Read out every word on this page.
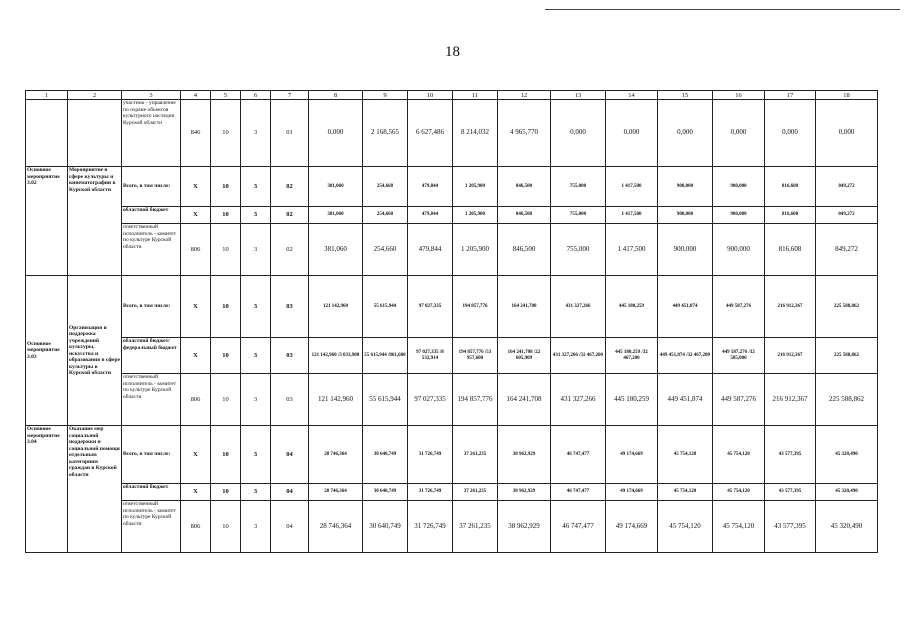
18
1	2	3	4	5	6	7	8	9	10	11	12	13	14	15	16	17	18
		участник - управление по охране объектов культурного наследия Курской области	846	10	3	01	0,000	2 168,565	6 627,486	8 214,032	4 965,770	0,000	0,000	0,000	0,000	0,000	0,000
Основное мероприятие 3.02	Мероприятие в сфере культуры и кинематографии в Курской области	Всего, в том числе:	X	10	3	02	381,060	254,660	479,844	1 205,900	846,500	755,000	1 417,500	900,000	900,000	816,608	849,272
		областной бюджет	X	10	3	02	381,060	254,660	479,844	1 205,900	846,500	755,000	1 417,500	900,000	900,000	816,608	849,272
		ответственный исполнитель - комитет по культуре Курской области	806	10	3	02	381,060	254,660	479,844	1 205,900	846,500	755,000	1 417,500	900,000	900,000	816,608	849,272
Основное мероприятие 3.03	Организация и поддержка учреждений культуры, искусства и образования в сфере культуры в Курской области	Всего, в том числе:	X	10	3	03	121 142,960	55 615,944	97 027,335	194 857,776	164 241,708	431 327,266	445 180,259	449 451,874	449 587,276	216 912,367	225 588,862
		областной бюджет/ федеральный бюджет	X	10	3	03	121 142,960 /3 033,900	55 615,944 /861,600	97 027,335 /8 532,914	194 857,776 /53 957,600	164 241,708 /22 605,909	431 327,266 /32 467,200	445 180,259 /32 467,200	449 451,874 /32 467,200	449 587,276 /32 585,000	216 912,367	225 588,862
		ответственный исполнитель - комитет по культуре Курской области	806	10	3	03	121 142,960	55 615,944	97 027,335	194 857,776	164 241,708	431 327,266	445 180,259	449 451,874	449 587,276	216 912,367	225 588,862
Основное мероприятие 3.04	Оказание мер социальной поддержки и социальной помощи отдельным категориям граждан в Курской области	Всего, в том числе:	X	10	3	04	28 746,364	30 640,749	31 726,749	37 261,235	38 962,929	46 747,477	49 174,669	45 754,120	45 754,120	43 577,395	45 320,490
		областной бюджет	X	10	3	04	28 746,364	30 640,749	31 726,749	37 261,235	38 962,929	46 747,477	49 174,669	45 754,120	45 754,120	43 577,395	45 320,490
		ответственный исполнитель - комитет по культуре Курской области	806	10	3	04	28 746,364	30 640,749	31 726,749	37 261,235	38 962,929	46 747,477	49 174,669	45 754,120	45 754,120	43 577,395	45 320,490
